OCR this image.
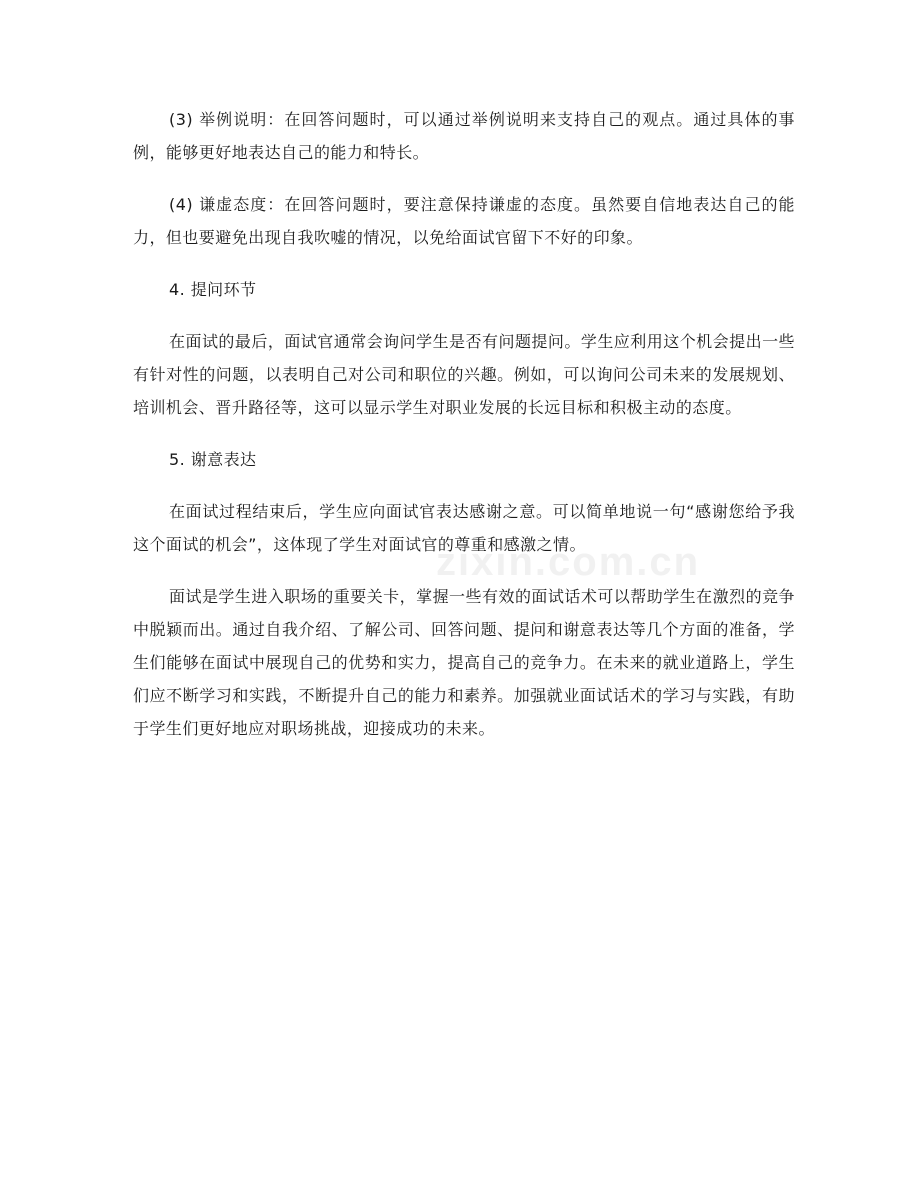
(3) 举例说明：在回答问题时，可以通过举例说明来支持自己的观点。通过具体的事例，能够更好地表达自己的能力和特长。

(4) 谦虚态度：在回答问题时，要注意保持谦虚的态度。虽然要自信地表达自己的能力，但也要避免出现自我吹嘘的情况，以免给面试官留下不好的印象。

4. 提问环节

在面试的最后，面试官通常会询问学生是否有问题提问。学生应利用这个机会提出一些有针对性的问题，以表明自己对公司和职位的兴趣。例如，可以询问公司未来的发展规划、培训机会、晋升路径等，这可以显示学生对职业发展的长远目标和积极主动的态度。

5. 谢意表达

在面试过程结束后，学生应向面试官表达感谢之意。可以简单地说一句“感谢您给予我这个面试的机会”，这体现了学生对面试官的尊重和感激之情。

面试是学生进入职场的重要关卡，掌握一些有效的面试话术可以帮助学生在激烈的竞争中脱颖而出。通过自我介绍、了解公司、回答问题、提问和谢意表达等几个方面的准备，学生们能够在面试中展现自己的优势和实力，提高自己的竞争力。在未来的就业道路上，学生们应不断学习和实践，不断提升自己的能力和素养。加强就业面试话术的学习与实践，有助于学生们更好地应对职场挑战，迎接成功的未来。

zixin.com.cn
